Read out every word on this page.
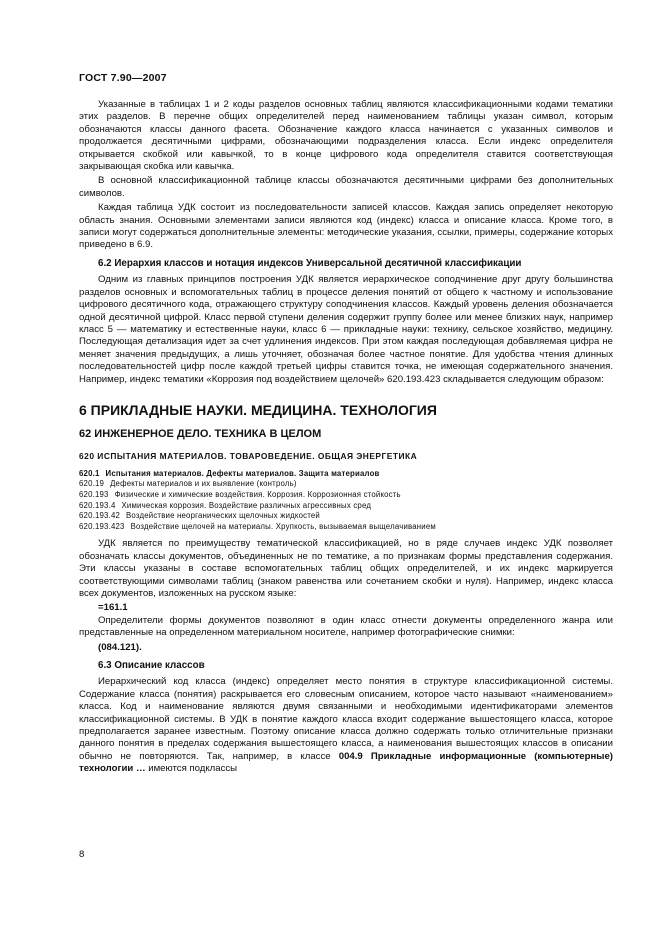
ГОСТ 7.90—2007

Указанные в таблицах 1 и 2 коды разделов основных таблиц являются классификационными кодами тематики этих разделов. В перечне общих определителей перед наименованием таблицы указан символ, которым обозначаются классы данного фасета. Обозначение каждого класса начинается с указанных символов и продолжается десятичными цифрами, обозначающими подразделения класса. Если индекс определителя открывается скобкой или кавычкой, то в конце цифрового кода определителя ставится соответствующая закрывающая скобка или кавычка.

В основной классификационной таблице классы обозначаются десятичными цифрами без дополнительных символов.

Каждая таблица УДК состоит из последовательности записей классов. Каждая запись определяет некоторую область знания. Основными элементами записи являются код (индекс) класса и описание класса. Кроме того, в записи могут содержаться дополнительные элементы: методические указания, ссылки, примеры, содержание которых приведено в 6.9.

6.2 Иерархия классов и нотация индексов Универсальной десятичной классификации

Одним из главных принципов построения УДК является иерархическое соподчинение друг другу большинства разделов основных и вспомогательных таблиц в процессе деления понятий от общего к частному и использование цифрового десятичного кода, отражающего структуру соподчинения классов. Каждый уровень деления обозначается одной десятичной цифрой. Класс первой ступени деления содержит группу более или менее близких наук, например класс 5 — математику и естественные науки, класс 6 — прикладные науки: технику, сельское хозяйство, медицину. Последующая детализация идет за счет удлинения индексов. При этом каждая последующая добавляемая цифра не меняет значения предыдущих, а лишь уточняет, обозначая более частное понятие. Для удобства чтения длинных последовательностей цифр после каждой третьей цифры ставится точка, не имеющая содержательного значения. Например, индекс тематики «Коррозия под воздействием щелочей» 620.193.423 складывается следующим образом:

6 ПРИКЛАДНЫЕ НАУКИ. МЕДИЦИНА. ТЕХНОЛОГИЯ
62 ИНЖЕНЕРНОЕ ДЕЛО. ТЕХНИКА В ЦЕЛОМ
620 ИСПЫТАНИЯ МАТЕРИАЛОВ. ТОВАРОВЕДЕНИЕ. ОБЩАЯ ЭНЕРГЕТИКА
620.1 Испытания материалов. Дефекты материалов. Защита материалов
620.19 Дефекты материалов и их выявление (контроль)
620.193 Физические и химические воздействия. Коррозия. Коррозионная стойкость
620.193.4 Химическая коррозия. Воздействие различных агрессивных сред
620.193.42 Воздействие неорганических щелочных жидкостей
620.193.423 Воздействие щелочей на материалы. Хрупкость, вызываемая выщелачиванием

УДК является по преимуществу тематической классификацией, но в ряде случаев индекс УДК позволяет обозначать классы документов, объединенных не по тематике, а по признакам формы представления содержания. Эти классы указаны в составе вспомогательных таблиц общих определителей, и их индекс маркируется соответствующими символами таблиц (знаком равенства или сочетанием скобки и нуля). Например, индекс класса всех документов, изложенных на русском языке:

=161.1

Определители формы документов позволяют в один класс отнести документы определенного жанра или представленные на определенном материальном носителе, например фотографические снимки:

(084.121).
6.3 Описание классов

Иерархический код класса (индекс) определяет место понятия в структуре классификационной системы. Содержание класса (понятия) раскрывается его словесным описанием, которое часто называют «наименованием» класса. Код и наименование являются двумя связанными и необходимыми идентификаторами элементов классификационной системы. В УДК в понятие каждого класса входит содержание вышестоящего класса, которое предполагается заранее известным. Поэтому описание класса должно содержать только отличительные признаки данного понятия в пределах содержания вышестоящего класса, а наименования вышестоящих классов в описании обычно не повторяются. Так, например, в классе 004.9 Прикладные информационные (компьютерные) технологии … имеются подклассы

8
